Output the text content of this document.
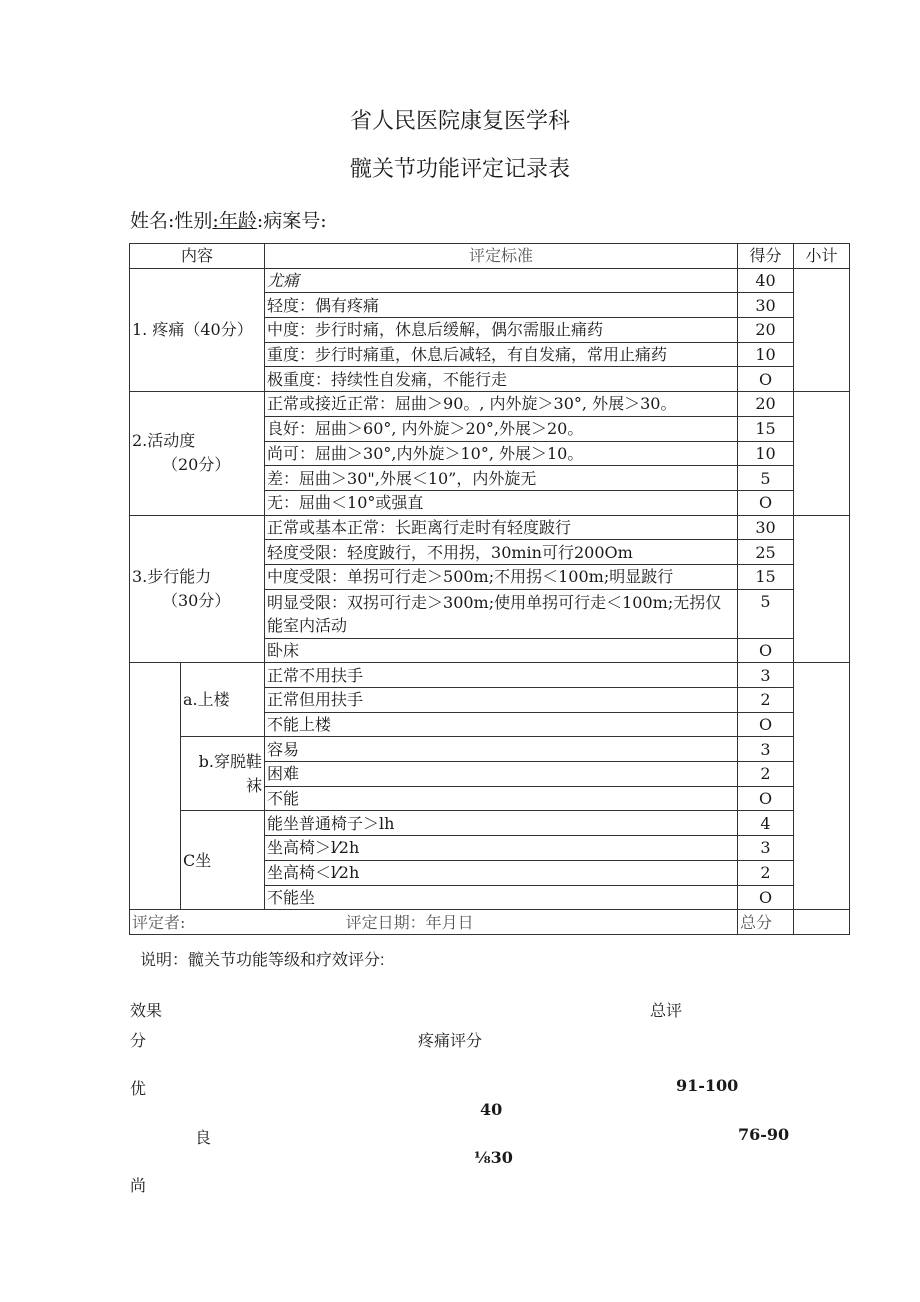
省人民医院康复医学科
髋关节功能评定记录表
姓名:性别:年龄:病案号:
内容		评定标准	得分	小计
1. 疼痛（40分）		尤痛	40	
		轻度：偶有疼痛	30	
		中度：步行时痛，休息后缓解，偶尔需服止痛药	20	
		重度：步行时痛重，休息后减轻，有自发痛，常用止痛药	10	
		极重度：持续性自发痛，不能行走	O	

2.活动度
（20分）		正常或接近正常：屈曲＞90。, 内外旋＞30°, 外展＞30。	20	
		良好：屈曲＞60°, 内外旋＞20°,外展＞20。	15	
		尚可：屈曲＞30°,内外旋＞10°, 外展＞10。	10	
		差：屈曲＞30",外展＜10”，内外旋无	5	
		无：屈曲＜10°或强直	O	

3.步行能力
（30分）		正常或基本正常：长距离行走时有轻度跛行	30	
		轻度受限：轻度跛行，不用拐，30min可行200Om	25	
		中度受限：单拐可行走＞500m;不用拐＜100m;明显跛行	15	
		明显受限：双拐可行走＞300m;使用单拐可行走＜100m;无拐仅能室内活动	5	
		卧床	O	
	a.上楼	正常不用扶手	3	
		正常但用扶手	2	
		不能上楼	O	
	b.穿脱鞋袜	容易	3	
		困难	2	
		不能	O	
	C坐	能坐普通椅子＞lh	4	
		坐高椅＞l⁄2h	3	
		坐高椅＜l⁄2h	2	
		不能坐	O	
评定者: 评定日期：年月日			总分	
说明：髋关节功能等级和疗效评分:
效果	总评
分	疼痛评分
优	91-100
40
良	76-90
⅛30
尚
